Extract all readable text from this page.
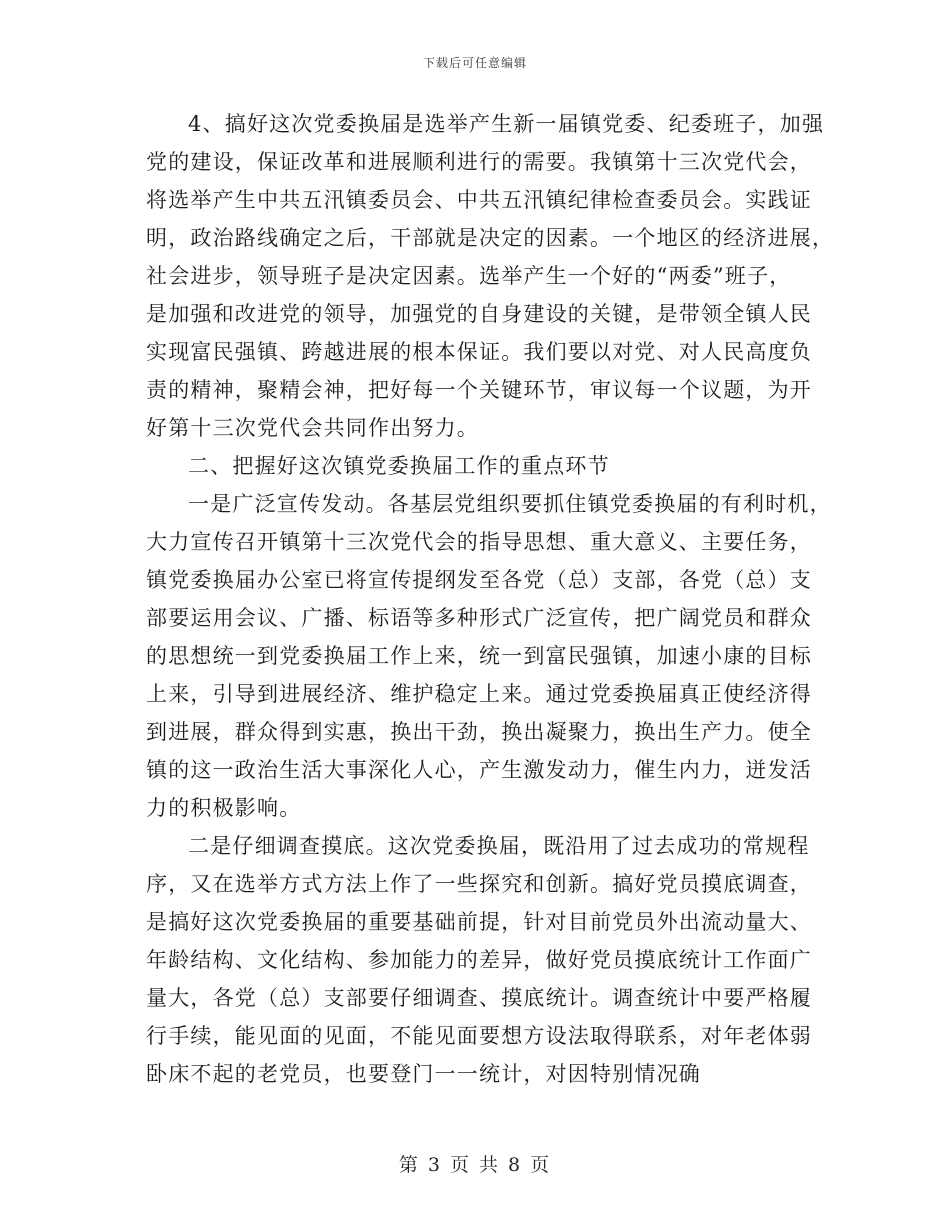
下载后可任意编辑
4、搞好这次党委换届是选举产生新一届镇党委、纪委班子，加强
党的建设，保证改革和进展顺利进行的需要。我镇第十三次党代会，
将选举产生中共五汛镇委员会、中共五汛镇纪律检查委员会。实践证
明，政治路线确定之后，干部就是决定的因素。一个地区的经济进展，
社会进步，领导班子是决定因素。选举产生一个好的“两委”班子，
是加强和改进党的领导，加强党的自身建设的关键，是带领全镇人民
实现富民强镇、跨越进展的根本保证。我们要以对党、对人民高度负
责的精神，聚精会神，把好每一个关键环节，审议每一个议题，为开
好第十三次党代会共同作出努力。
二、把握好这次镇党委换届工作的重点环节
一是广泛宣传发动。各基层党组织要抓住镇党委换届的有利时机，
大力宣传召开镇第十三次党代会的指导思想、重大意义、主要任务，
镇党委换届办公室已将宣传提纲发至各党（总）支部，各党（总）支
部要运用会议、广播、标语等多种形式广泛宣传，把广阔党员和群众
的思想统一到党委换届工作上来，统一到富民强镇，加速小康的目标
上来，引导到进展经济、维护稳定上来。通过党委换届真正使经济得
到进展，群众得到实惠，换出干劲，换出凝聚力，换出生产力。使全
镇的这一政治生活大事深化人心，产生激发动力，催生内力，迸发活
力的积极影响。
二是仔细调查摸底。这次党委换届，既沿用了过去成功的常规程
序，又在选举方式方法上作了一些探究和创新。搞好党员摸底调查，
是搞好这次党委换届的重要基础前提，针对目前党员外出流动量大、
年龄结构、文化结构、参加能力的差异，做好党员摸底统计工作面广
量大，各党（总）支部要仔细调查、摸底统计。调查统计中要严格履
行手续，能见面的见面，不能见面要想方设法取得联系，对年老体弱
卧床不起的老党员，也要登门一一统计，对因特别情况确
第 3 页 共 8 页
